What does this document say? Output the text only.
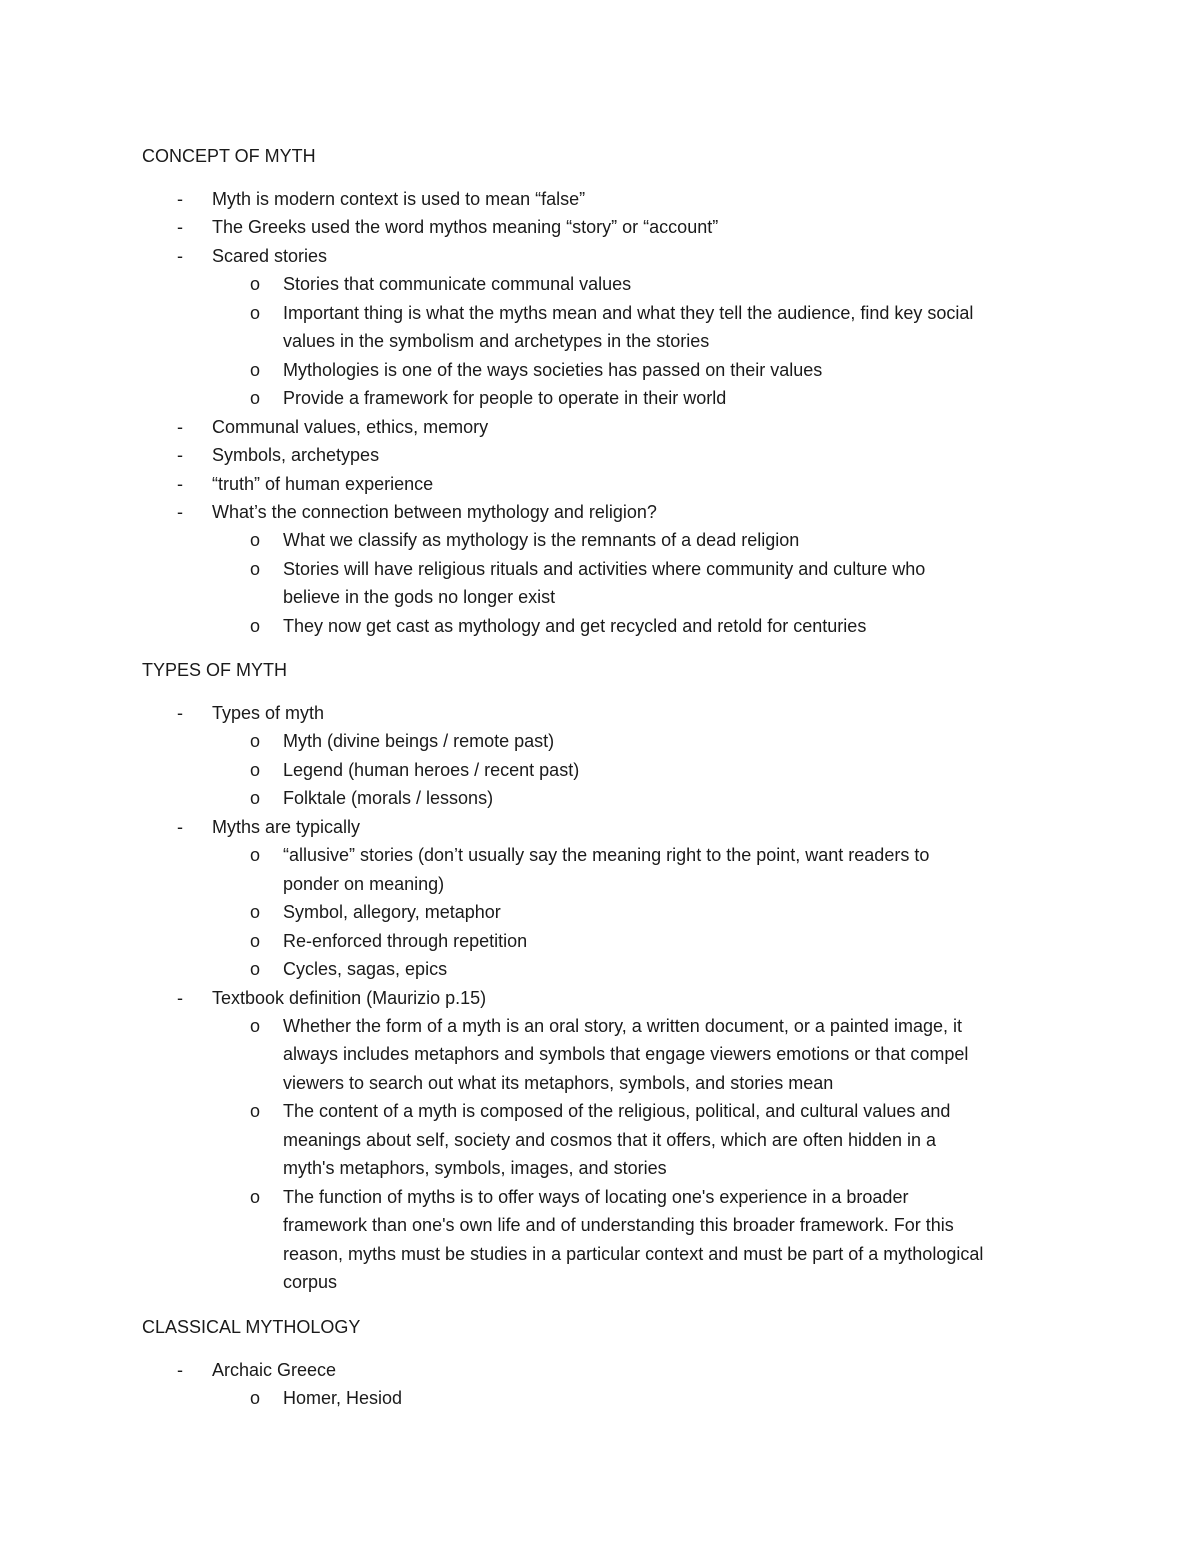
CONCEPT OF MYTH
-	Myth is modern context is used to mean “false”
-	The Greeks used the word mythos meaning “story” or “account”
-	Scared stories
o Stories that communicate communal values
o Important thing is what the myths mean and what they tell the audience, find key social
values in the symbolism and archetypes in the stories
o Mythologies is one of the ways societies has passed on their values
o Provide a framework for people to operate in their world
-	Communal values, ethics, memory
-	Symbols, archetypes
-	“truth” of human experience
-	What’s the connection between mythology and religion?
o What we classify as mythology is the remnants of a dead religion
o Stories will have religious rituals and activities where community and culture who
believe in the gods no longer exist
o They now get cast as mythology and get recycled and retold for centuries
TYPES OF MYTH
-	Types of myth
o Myth (divine beings / remote past)
o Legend (human heroes / recent past)
o Folktale (morals / lessons)
-	Myths are typically
o “allusive” stories (don’t usually say the meaning right to the point, want readers to
ponder on meaning)
o Symbol, allegory, metaphor
o Re-enforced through repetition
o Cycles, sagas, epics
-	Textbook definition (Maurizio p.15)
o Whether the form of a myth is an oral story, a written document, or a painted image, it
always includes metaphors and symbols that engage viewers emotions or that compel
viewers to search out what its metaphors, symbols, and stories mean
o The content of a myth is composed of the religious, political, and cultural values and
meanings about self, society and cosmos that it offers, which are often hidden in a
myth's metaphors, symbols, images, and stories
o The function of myths is to offer ways of locating one's experience in a broader
framework than one's own life and of understanding this broader framework. For this
reason, myths must be studies in a particular context and must be part of a mythological
corpus
CLASSICAL MYTHOLOGY
-	Archaic Greece
o Homer, Hesiod
